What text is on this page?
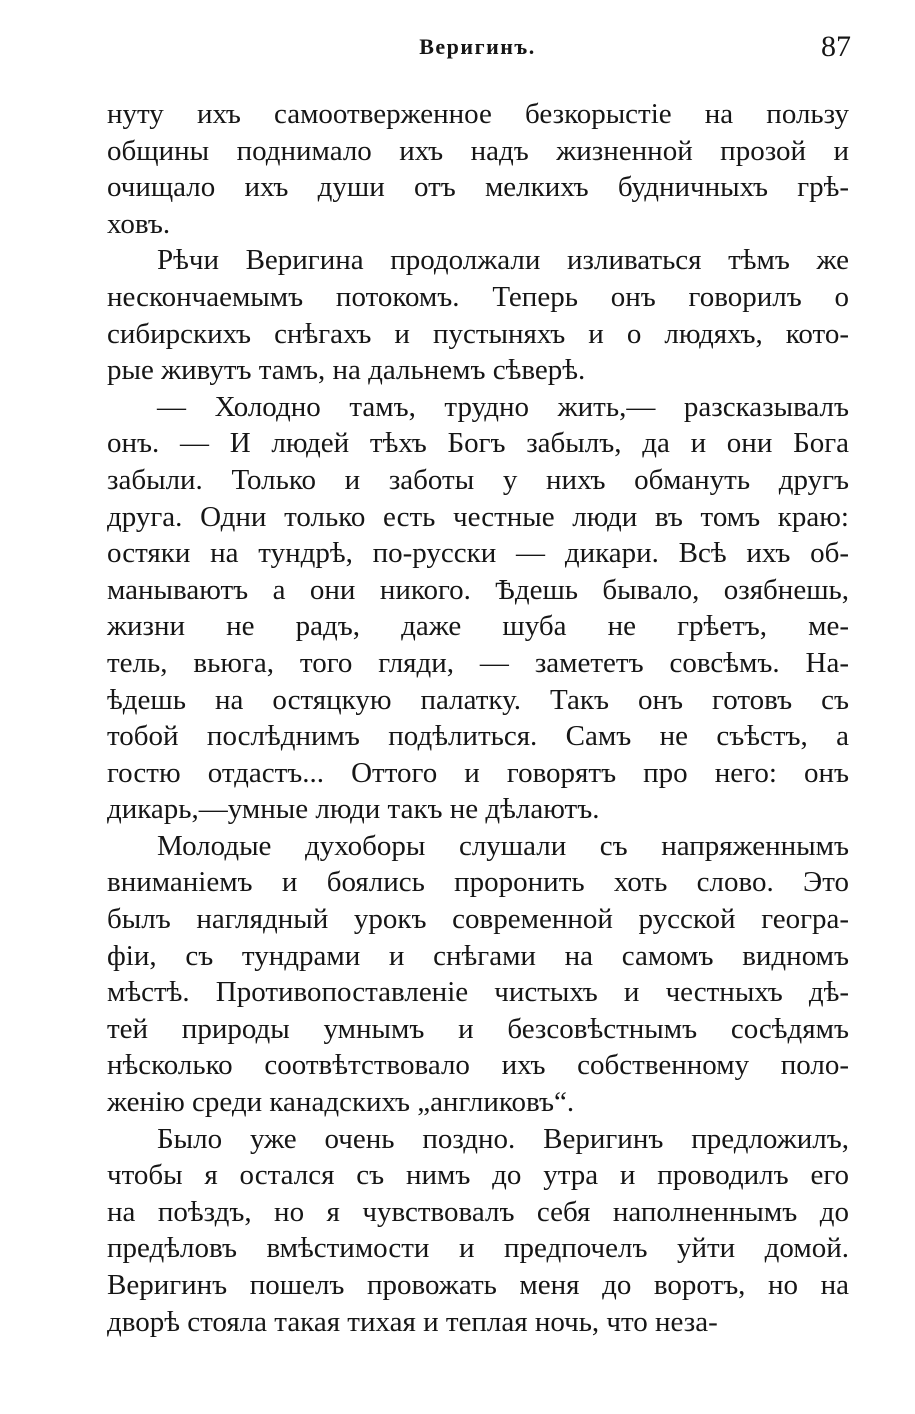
Веригинъ.	87
нуту ихъ самоотверженное безкорыстіе на пользу
общины поднимало ихъ надъ жизненной прозой и
очищало ихъ души отъ мелкихъ будничныхъ грѣ-
ховъ.
Рѣчи Веригина продолжали изливаться тѣмъ же
нескончаемымъ потокомъ. Теперь онъ говорилъ о
сибирскихъ снѣгахъ и пустыняхъ и о людяхъ, кото-
рые живутъ тамъ, на дальнемъ сѣверѣ.
— Холодно тамъ, трудно жить,— разсказывалъ
онъ. — И людей тѣхъ Богъ забылъ, да и они Бога
забыли. Только и заботы у нихъ обмануть другъ
друга. Одни только есть честные люди въ томъ краю:
остяки на тундрѣ, по-русски — дикари. Всѣ ихъ об-
манываютъ а они никого. Ѣдешь бывало, озябнешь,
жизни не радъ, даже шуба не грѣетъ, ме-
тель, вьюга, того гляди, — замететъ совсѣмъ. На-
ѣдешь на остяцкую палатку. Такъ онъ готовъ съ
тобой послѣднимъ подѣлиться. Самъ не съѣстъ, а
гостю отдастъ... Оттого и говорятъ про него: онъ
дикарь,—умные люди такъ не дѣлаютъ.
Молодые духоборы слушали съ напряженнымъ
вниманіемъ и боялись проронить хоть слово. Это
былъ наглядный урокъ современной русской геогра-
фіи, съ тундрами и снѣгами на самомъ видномъ
мѣстѣ. Противопоставленіе чистыхъ и честныхъ дѣ-
тей природы умнымъ и безсовѣстнымъ сосѣдямъ
нѣсколько соотвѣтствовало ихъ собственному поло-
женію среди канадскихъ „англиковъ“.
Было уже очень поздно. Веригинъ предложилъ,
чтобы я остался съ нимъ до утра и проводилъ его
на поѣздъ, но я чувствовалъ себя наполненнымъ до
предѣловъ вмѣстимости и предпочелъ уйти домой.
Веригинъ пошелъ провожать меня до воротъ, но на
дворѣ стояла такая тихая и теплая ночь, что неза-
